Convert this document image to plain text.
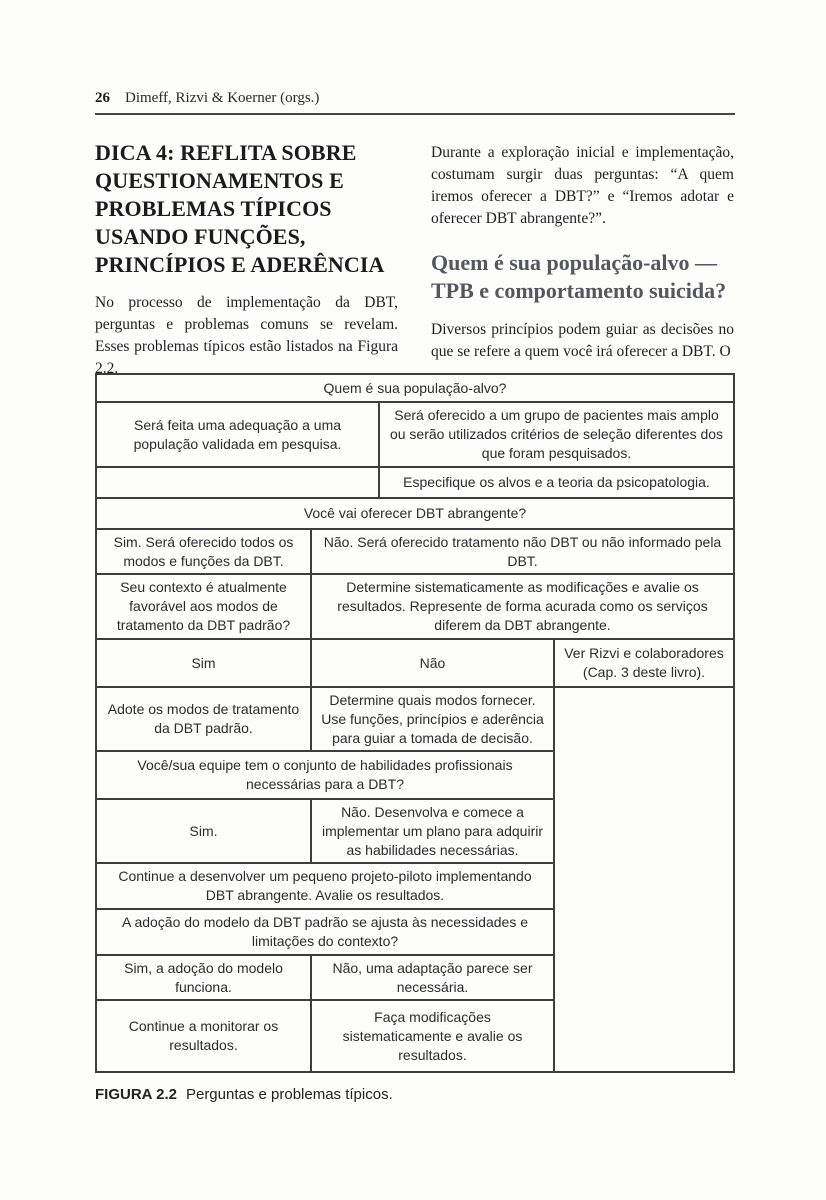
26 Dimeff, Rizvi & Koerner (orgs.)
DICA 4: REFLITA SOBRE QUESTIONAMENTOS E PROBLEMAS TÍPICOS USANDO FUNÇÕES, PRINCÍPIOS E ADERÊNCIA

No processo de implementação da DBT, perguntas e problemas comuns se revelam. Esses problemas típicos estão listados na Figura 2.2.

Durante a exploração inicial e implementação, costumam surgir duas perguntas: “A quem iremos oferecer a DBT?” e “Iremos adotar e oferecer DBT abrangente?”.

Quem é sua população-alvo — TPB e comportamento suicida?

Diversos princípios podem guiar as decisões no que se refere a quem você irá oferecer a DBT. O

Quem é sua população-alvo?
Será feita uma adequação a uma população validada em pesquisa.
Será oferecido a um grupo de pacientes mais amplo ou serão utilizados critérios de seleção diferentes dos que foram pesquisados.
Especifique os alvos e a teoria da psicopatologia.
Você vai oferecer DBT abrangente?
Sim. Será oferecido todos os modos e funções da DBT.
Não. Será oferecido tratamento não DBT ou não informado pela DBT.
Seu contexto é atualmente favorável aos modos de tratamento da DBT padrão?
Determine sistematicamente as modificações e avalie os resultados. Represente de forma acurada como os serviços diferem da DBT abrangente.
Sim	Não
Ver Rizvi e colaboradores (Cap. 3 deste livro).
Adote os modos de tratamento da DBT padrão.
Determine quais modos fornecer. Use funções, princípios e aderência para guiar a tomada de decisão.
Você/sua equipe tem o conjunto de habilidades profissionais necessárias para a DBT?
Sim.
Não. Desenvolva e comece a implementar um plano para adquirir as habilidades necessárias.
Continue a desenvolver um pequeno projeto-piloto implementando DBT abrangente. Avalie os resultados.
A adoção do modelo da DBT padrão se ajusta às necessidades e limitações do contexto?
Sim, a adoção do modelo funciona.
Não, uma adaptação parece ser necessária.
Continue a monitorar os resultados.
Faça modificações sistematicamente e avalie os resultados.
FIGURA 2.2 Perguntas e problemas típicos.
